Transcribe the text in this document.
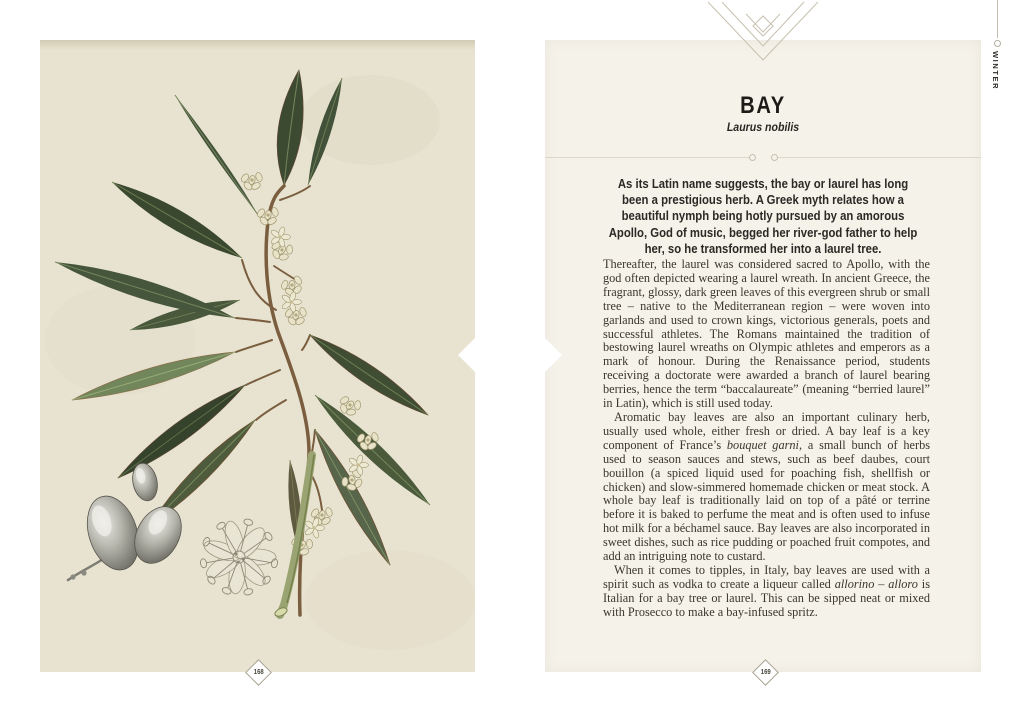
BAY
Laurus nobilis
As its Latin name suggests, the bay or laurel has long been a prestigious herb. A Greek myth relates how a beautiful nymph being hotly pursued by an amorous Apollo, God of music, begged her river-god father to help her, so he transformed her into a laurel tree.

Thereafter, the laurel was considered sacred to Apollo, with the god often depicted wearing a laurel wreath. In ancient Greece, the fragrant, glossy, dark green leaves of this evergreen shrub or small tree – native to the Mediterranean region – were woven into garlands and used to crown kings, victorious generals, poets and successful athletes. The Romans maintained the tradition of bestowing laurel wreaths on Olympic athletes and emperors as a mark of honour. During the Renaissance period, students receiving a doctorate were awarded a branch of laurel bearing berries, hence the term “baccalaureate” (meaning “berried laurel” in Latin), which is still used today.

Aromatic bay leaves are also an important culinary herb, usually used whole, either fresh or dried. A bay leaf is a key component of France’s bouquet garni, a small bunch of herbs used to season sauces and stews, such as beef daubes, court bouillon (a spiced liquid used for poaching fish, shellfish or chicken) and slow-simmered homemade chicken or meat stock. A whole bay leaf is traditionally laid on top of a pâté or terrine before it is baked to perfume the meat and is often used to infuse hot milk for a béchamel sauce. Bay leaves are also incorporated in sweet dishes, such as rice pudding or poached fruit compotes, and add an intriguing note to custard.

When it comes to tipples, in Italy, bay leaves are used with a spirit such as vodka to create a liqueur called allorino – alloro is Italian for a bay tree or laurel. This can be sipped neat or mixed with Prosecco to make a bay-infused spritz.

168	169
WINTER
